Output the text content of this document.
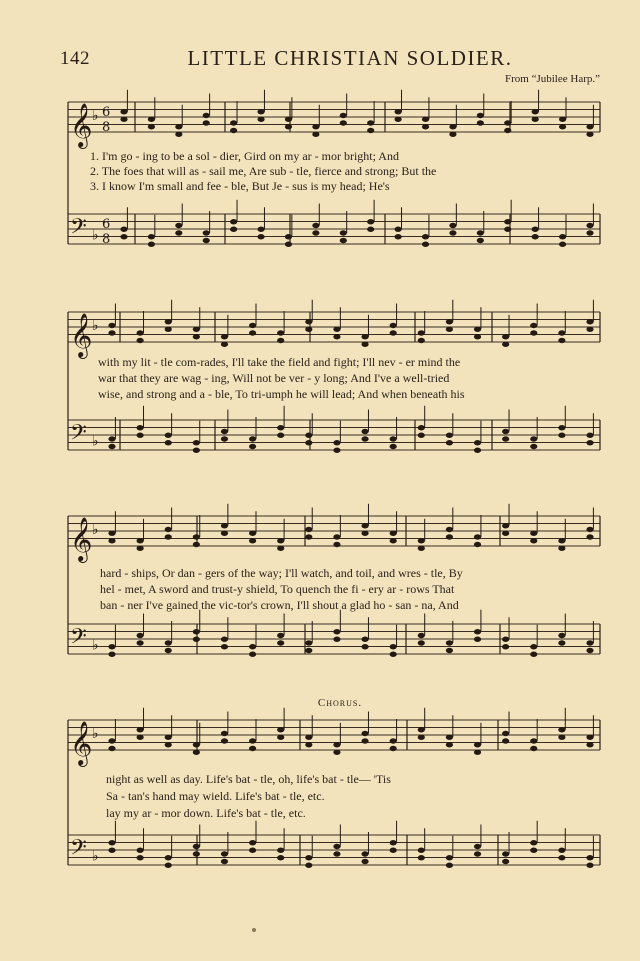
142	LITTLE CHRISTIAN SOLDIER.
From “Jubilee Harp.”
𝄞
𝄢
♭
♭
6
8
6
8
𝄞
𝄢
♭
♭
𝄞
𝄢
♭
♭
𝄞
𝄢
♭
♭
Chorus.
1. I'm go - ing to be a sol - dier, Gird on my ar - mor bright; And
2. The foes that will as - sail me, Are sub - tle, fierce and strong; But the
3. I know I'm small and fee - ble, But Je - sus is my head; He's
with my lit - tle com-rades, I'll take the field and fight; I'll nev - er mind the
war that they are wag - ing, Will not be ver - y long; And I've a well-tried
wise, and strong and a - ble, To tri-umph he will lead; And when beneath his
hard - ships, Or dan - gers of the way; I'll watch, and toil, and wres - tle, By
hel - met, A sword and trust-y shield, To quench the fi - ery ar - rows That
ban - ner I've gained the vic-tor's crown, I'll shout a glad ho - san - na, And
night as well as day. Life's bat - tle, oh, life's bat - tle— 'Tis
Sa - tan's hand may wield. Life's bat - tle, etc.
lay my ar - mor down. Life's bat - tle, etc.
